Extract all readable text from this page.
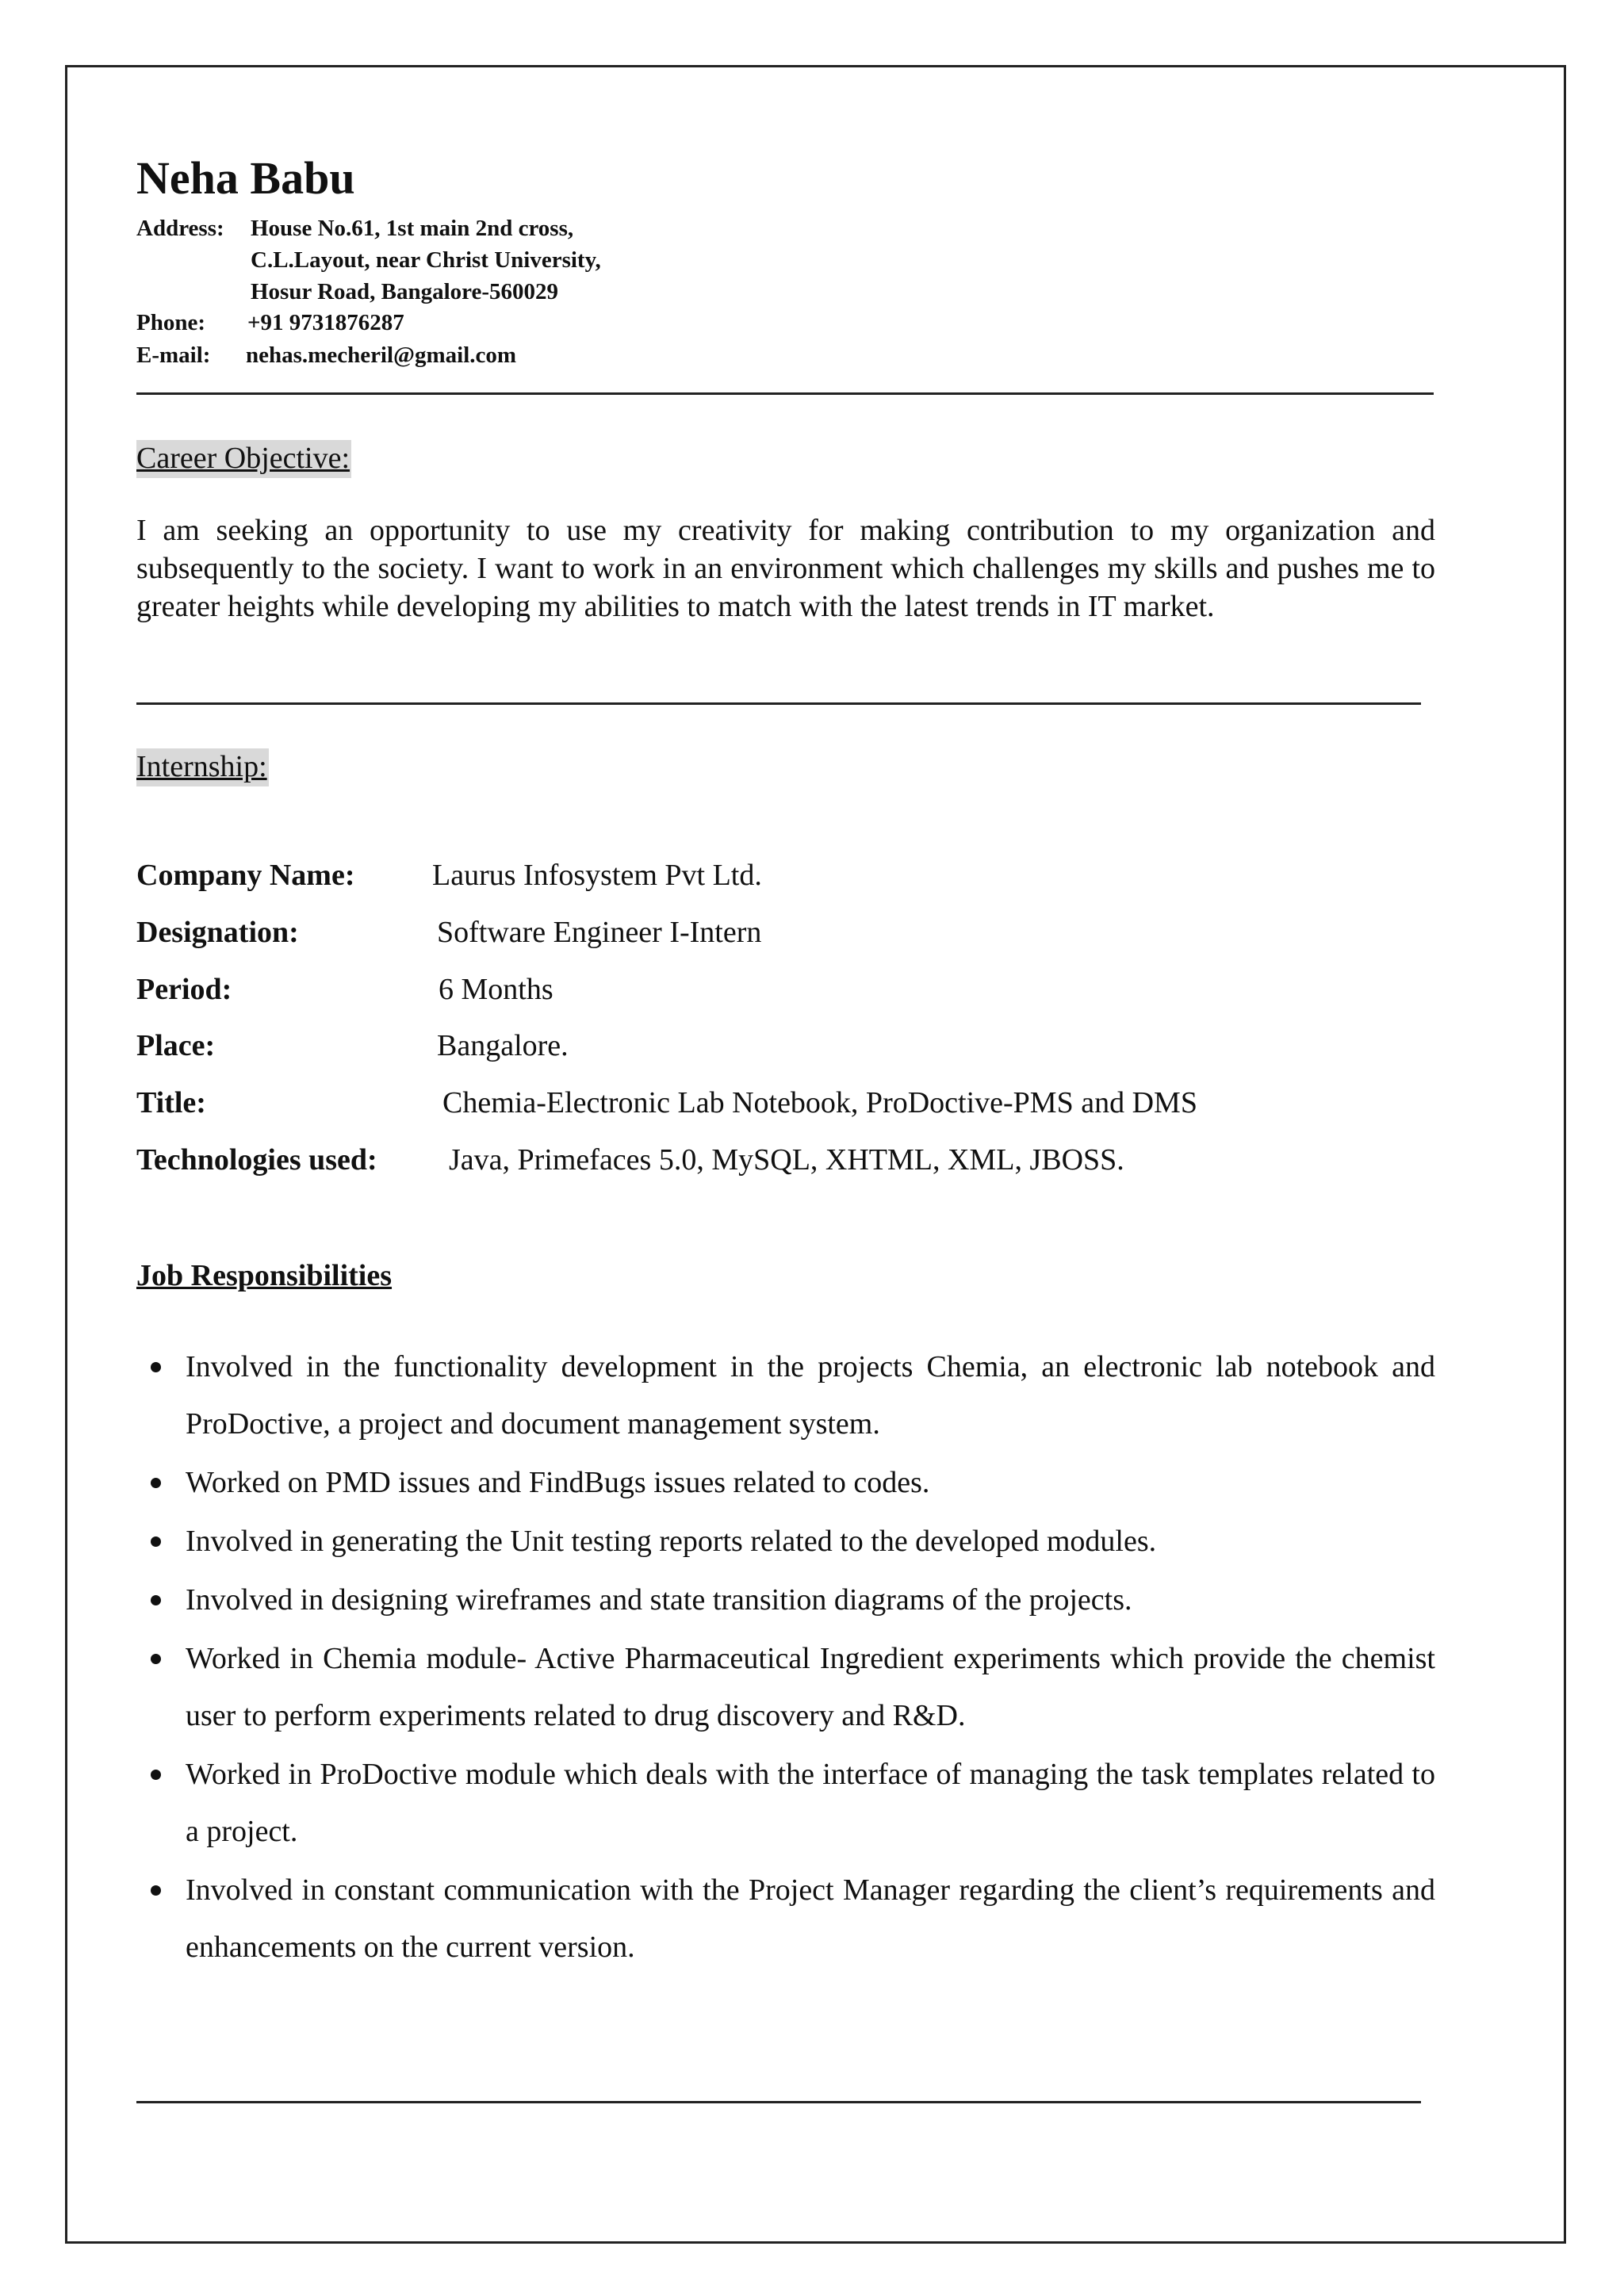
Neha Babu
Address: House No.61, 1st main 2nd cross,
C.L.Layout, near Christ University,
Hosur Road, Bangalore-560029
Phone: +91 9731876287
E-mail: nehas.mecheril@gmail.com
Career Objective:
I am seeking an opportunity to use my creativity for making contribution to my organization and subsequently to the society. I want to work in an environment which challenges my skills and pushes me to greater heights while developing my abilities to match with the latest trends in IT market.
Internship:
Company Name:	Laurus Infosystem Pvt Ltd.
Designation:	Software Engineer I-Intern
Period:	6 Months
Place:	Bangalore.
Title:	Chemia-Electronic Lab Notebook, ProDoctive-PMS and DMS
Technologies used: Java, Primefaces 5.0, MySQL, XHTML, XML, JBOSS.
Job Responsibilities
Involved in the functionality development in the projects Chemia, an electronic lab notebook and ProDoctive, a project and document management system.
Worked on PMD issues and FindBugs issues related to codes.
Involved in generating the Unit testing reports related to the developed modules.
Involved in designing wireframes and state transition diagrams of the projects.
Worked in Chemia module- Active Pharmaceutical Ingredient experiments which provide the chemist user to perform experiments related to drug discovery and R&D.
Worked in ProDoctive module which deals with the interface of managing the task templates related to a project.
Involved in constant communication with the Project Manager regarding the client’s requirements and enhancements on the current version.
